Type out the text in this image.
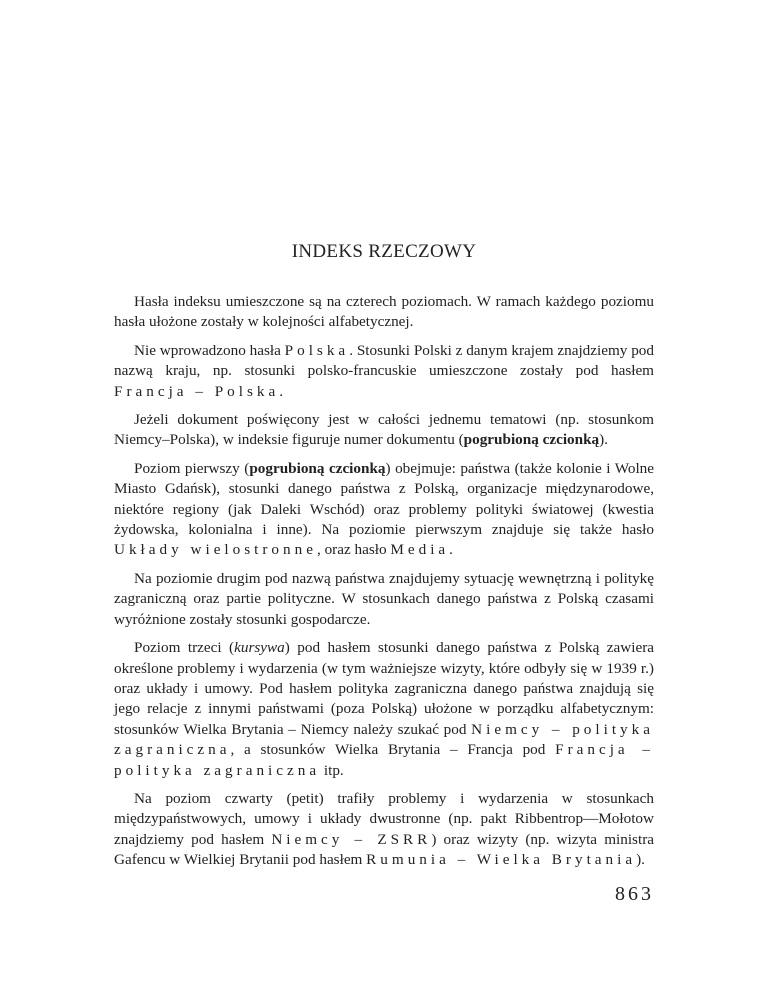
INDEKS RZECZOWY

Hasła indeksu umieszczone są na czterech poziomach. W ramach każdego poziomu hasła ułożone zostały w kolejności alfabetycznej.

Nie wprowadzono hasła Polska. Stosunki Polski z danym krajem znajdziemy pod nazwą kraju, np. stosunki polsko-francuskie umieszczone zostały pod hasłem Francja – Polska.

Jeżeli dokument poświęcony jest w całości jednemu tematowi (np. stosunkom Niemcy–Polska), w indeksie figuruje numer dokumentu (pogrubioną czcionką).

Poziom pierwszy (pogrubioną czcionką) obejmuje: państwa (także kolonie i Wolne Miasto Gdańsk), stosunki danego państwa z Polską, organizacje międzynarodowe, niektóre regiony (jak Daleki Wschód) oraz problemy polityki światowej (kwestia żydowska, kolonialna i inne). Na poziomie pierwszym znajduje się także hasło Układy wielostronne, oraz hasło Media.

Na poziomie drugim pod nazwą państwa znajdujemy sytuację wewnętrzną i politykę zagraniczną oraz partie polityczne. W stosunkach danego państwa z Polską czasami wyróżnione zostały stosunki gospodarcze.

Poziom trzeci (kursywa) pod hasłem stosunki danego państwa z Polską zawiera określone problemy i wydarzenia (w tym ważniejsze wizyty, które odbyły się w 1939 r.) oraz układy i umowy. Pod hasłem polityka zagraniczna danego państwa znajdują się jego relacje z innymi państwami (poza Polską) ułożone w porządku alfabetycznym: stosunków Wielka Brytania – Niemcy należy szukać pod Niemcy – polityka zagraniczna, a stosunków Wielka Brytania – Francja pod Francja – polityka zagraniczna itp.

Na poziom czwarty (petit) trafiły problemy i wydarzenia w stosunkach międzypaństwowych, umowy i układy dwustronne (np. pakt Ribbentrop––Mołotow znajdziemy pod hasłem Niemcy – ZSRR) oraz wizyty (np. wizyta ministra Gafencu w Wielkiej Brytanii pod hasłem Rumunia – Wielka Brytania).

863
